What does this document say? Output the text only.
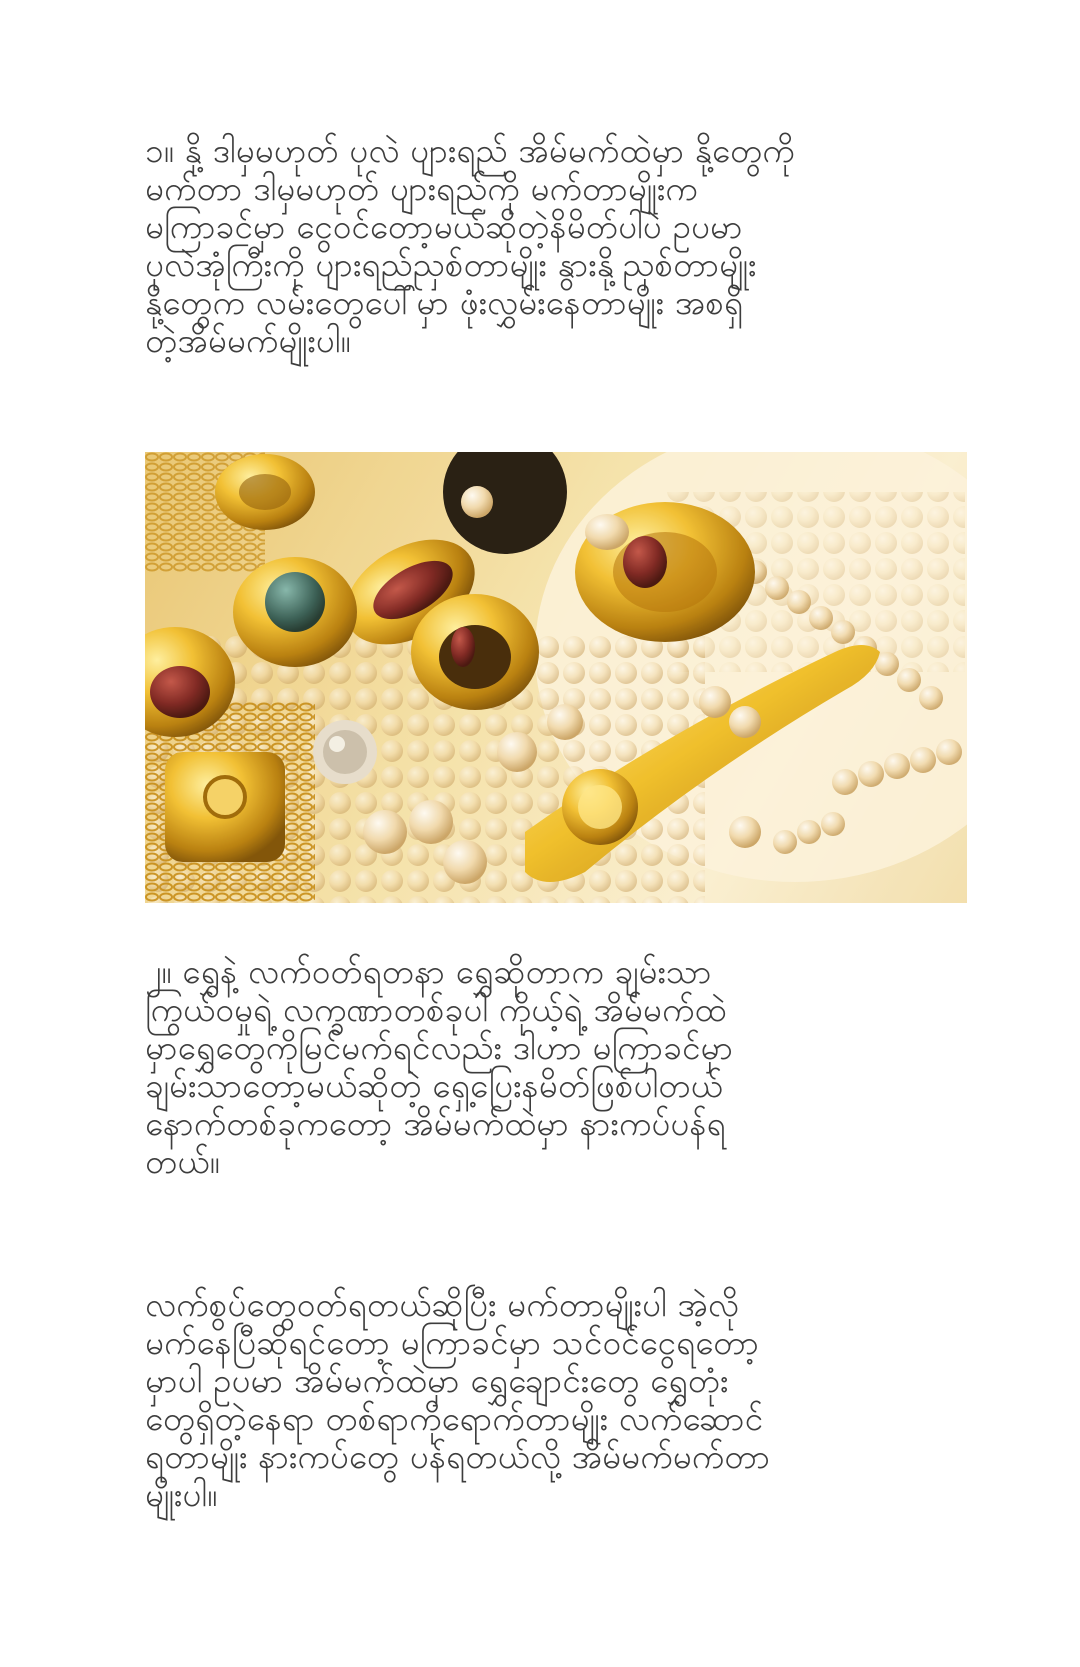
၁။ နို့ ဒါမှမဟုတ် ပုလဲ ပျားရည် အိမ်မက်ထဲမှာ နို့တွေကို
မက်တာ ဒါမှမဟုတ် ပျားရည်ကို မက်တာမျိုးက
မကြာခင်မှာ ငွေဝင်တော့မယ်ဆိုတဲ့နိမိတ်ပါပဲ ဥပမာ
ပုလဲအုံကြီးကို ပျားရည်ညှစ်တာမျိုး နွားနို့ညှစ်တာမျိုး
နို့တွေက လမ်းတွေပေါ်မှာ ဖုံးလွှမ်းနေတာမျိုး အစရှိ
တဲ့အိမ်မက်မျိုးပါ။

၂။ ရွှေနဲ့ လက်ဝတ်ရတနာ ရွှေဆိုတာက ချမ်းသာ
ကြွယ်ဝမှုရဲ့ လက္ခဏာတစ်ခုပါ ကိုယ့်ရဲ့ အိမ်မက်ထဲ
မှာရွှေတွေကိုမြင်မက်ရင်လည်း ဒါဟာ မကြာခင်မှာ
ချမ်းသာတော့မယ်ဆိုတဲ့ ရှေ့ပြေးနမိတ်ဖြစ်ပါတယ်
နောက်တစ်ခုကတော့ အိမ်မက်ထဲမှာ နားကပ်ပန်ရ
တယ်။

လက်စွပ်တွေဝတ်ရတယ်ဆိုပြီး မက်တာမျိုးပါ အဲ့လို
မက်နေပြီဆိုရင်တော့ မကြာခင်မှာ သင်ဝင်ငွေရတော့
မှာပါ ဥပမာ အိမ်မက်ထဲမှာ ရွှေချောင်းတွေ ရွှေတုံး
တွေရှိတဲ့နေရာ တစ်ရာကိုရောက်တာမျိုး လက်ဆောင်
ရတာမျိုး နားကပ်တွေ ပန်ရတယ်လို့ အိမ်မက်မက်တာ
မျိုးပါ။
